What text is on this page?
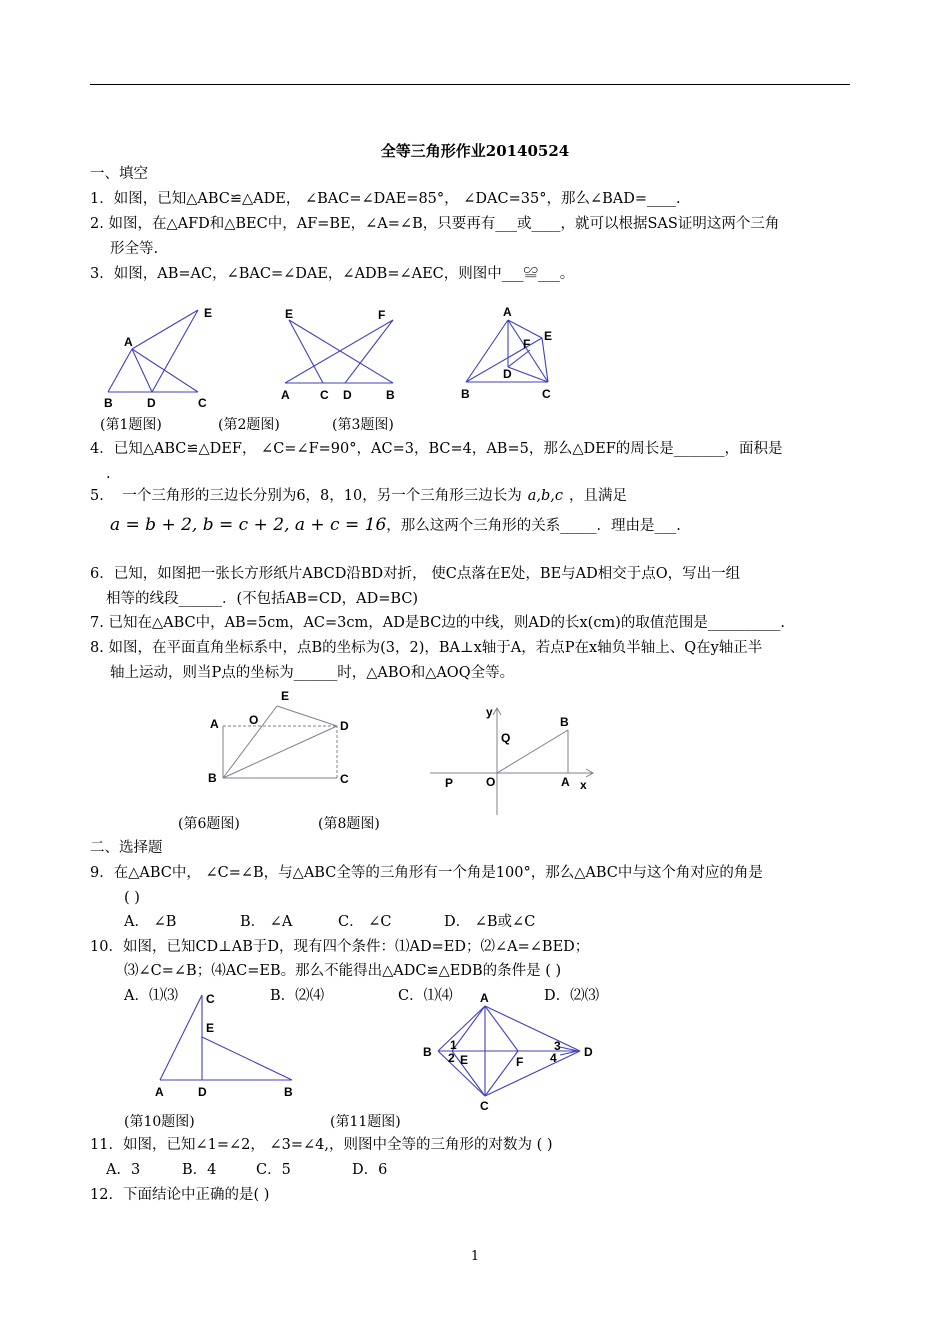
全等三角形作业20140524
一、填空
1．如图，已知△ABC≌△ADE， ∠BAC=∠DAE=85°， ∠DAC=35°，那么∠BAD=____.
2. 如图，在△AFD和△BEC中，AF=BE，∠A=∠B，只要再有___或____，就可以根据SAS证明这两个三角
形全等.
3．如图，AB=AC，∠BAC=∠DAE，∠ADB=∠AEC，则图中___≌___。
A
B	D	C
E	E	F
A	C D	B
A
E
F
D
B	C
(第1题图)	(第2题图)	(第3题图)
4．已知△ABC≌△DEF， ∠C=∠F=90°，AC=3，BC=4，AB=5，那么△DEF的周长是_______，面积是
.
5． 一个三角形的三边长分别为6，8，10，另一个三角形三边长为 a,b,c ，且满足
a = b + 2, b = c + 2, a + c = 16，那么这两个三角形的关系_____．理由是___.
6．已知，如图把一张长方形纸片ABCD沿BD对折， 使C点落在E处，BE与AD相交于点O，写出一组
相等的线段______．(不包括AB=CD，AD=BC)
7. 已知在△ABC中，AB=5cm，AC=3cm，AD是BC边的中线，则AD的长x(cm)的取值范围是__________.
8. 如图，在平面直角坐标系中，点B的坐标为(3，2)，BA⊥x轴于A，若点P在x轴负半轴上、Q在y轴正半
轴上运动，则当P点的坐标为______时，△ABO和△AOQ全等。
A	O
E
D
B	C
y
B
Q
P	O	A x
(第6题图)	(第8题图)
二、选择题
9．在△ABC中， ∠C=∠B，与△ABC全等的三角形有一个角是100°，那么△ABC中与这个角对应的角是
( )
A． ∠B	B． ∠A	C． ∠C	D． ∠B或∠C
10．如图，已知CD⊥AB于D，现有四个条件：⑴AD=ED；⑵∠A=∠BED；
⑶∠C=∠B；⑷AC=EB。那么不能得出△ADC≌△EDB的条件是 ( )
A．⑴⑶	B．⑵⑷	C．⑴⑷	D．⑵⑶
C
E
A	D	B
A
B 1
2 E	F
3
4 D
C
(第10题图)	(第11题图)
11．如图，已知∠1=∠2， ∠3=∠4,，则图中全等的三角形的对数为 ( )
A．3	B．4	C．5	D．6
12．下面结论中正确的是( )
1
